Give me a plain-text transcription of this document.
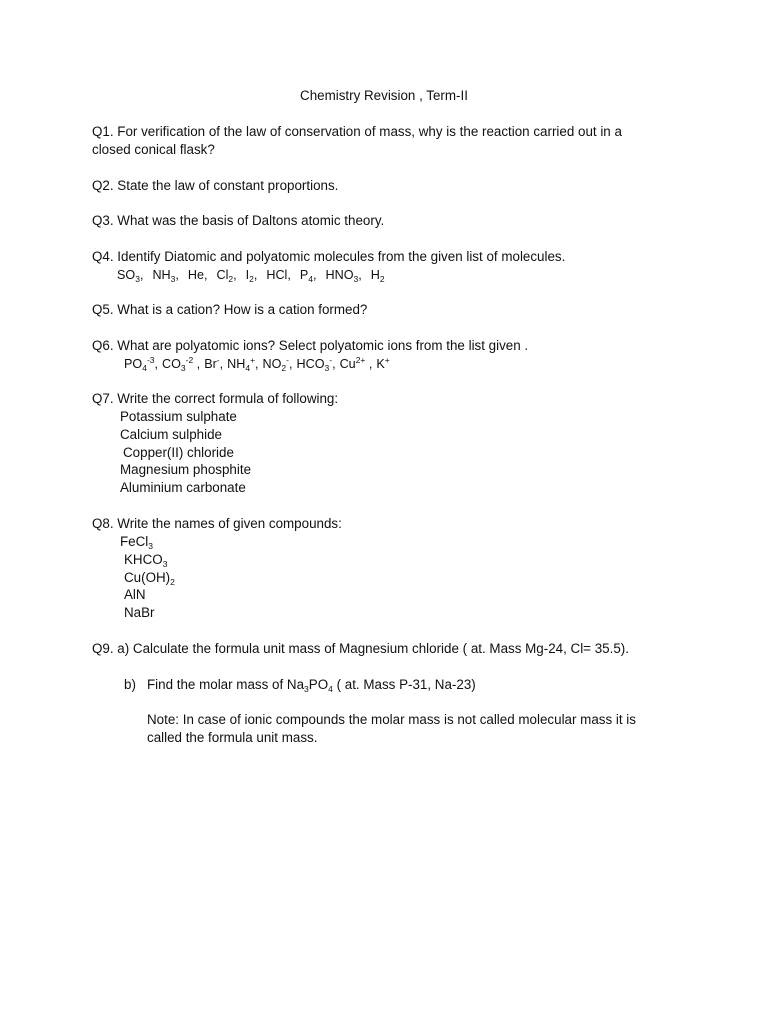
Chemistry Revision , Term-II
Q1. For verification of the law of conservation of mass, why is the reaction carried out in a
closed conical flask?
Q2. State the law of constant proportions.
Q3. What was the basis of Daltons atomic theory.
Q4. Identify Diatomic and polyatomic molecules from the given list of molecules.
$SO_3$, $NH_3$, He, $Cl_2$, $I_2$, HCl, $P_4$, $HNO_3$, $H_2$
Q5. What is a cation? How is a cation formed?
Q6. What are polyatomic ions? Select polyatomic ions from the list given .
$PO_4^{-3}$, $CO_3^{-2}$ , Br-, $NH_4^+$, $NO_2^-$, $HCO_3^-$, $Cu^{2+}$ , K+
Q7. Write the correct formula of following:
Potassium sulphate
Calcium sulphide
Copper(II) chloride
Magnesium phosphite
Aluminium carbonate
Q8. Write the names of given compounds:
FeCl$_3$
$KHCO_3$
$Cu(OH)_2$
AlN
NaBr
Q9. a) Calculate the formula unit mass of Magnesium chloride ( at. Mass Mg-24, Cl= 35.5).
b) Find the molar mass of $Na_3PO_4$ ( at. Mass P-31, Na-23)
Note: In case of ionic compounds the molar mass is not called molecular mass it is
called the formula unit mass.
